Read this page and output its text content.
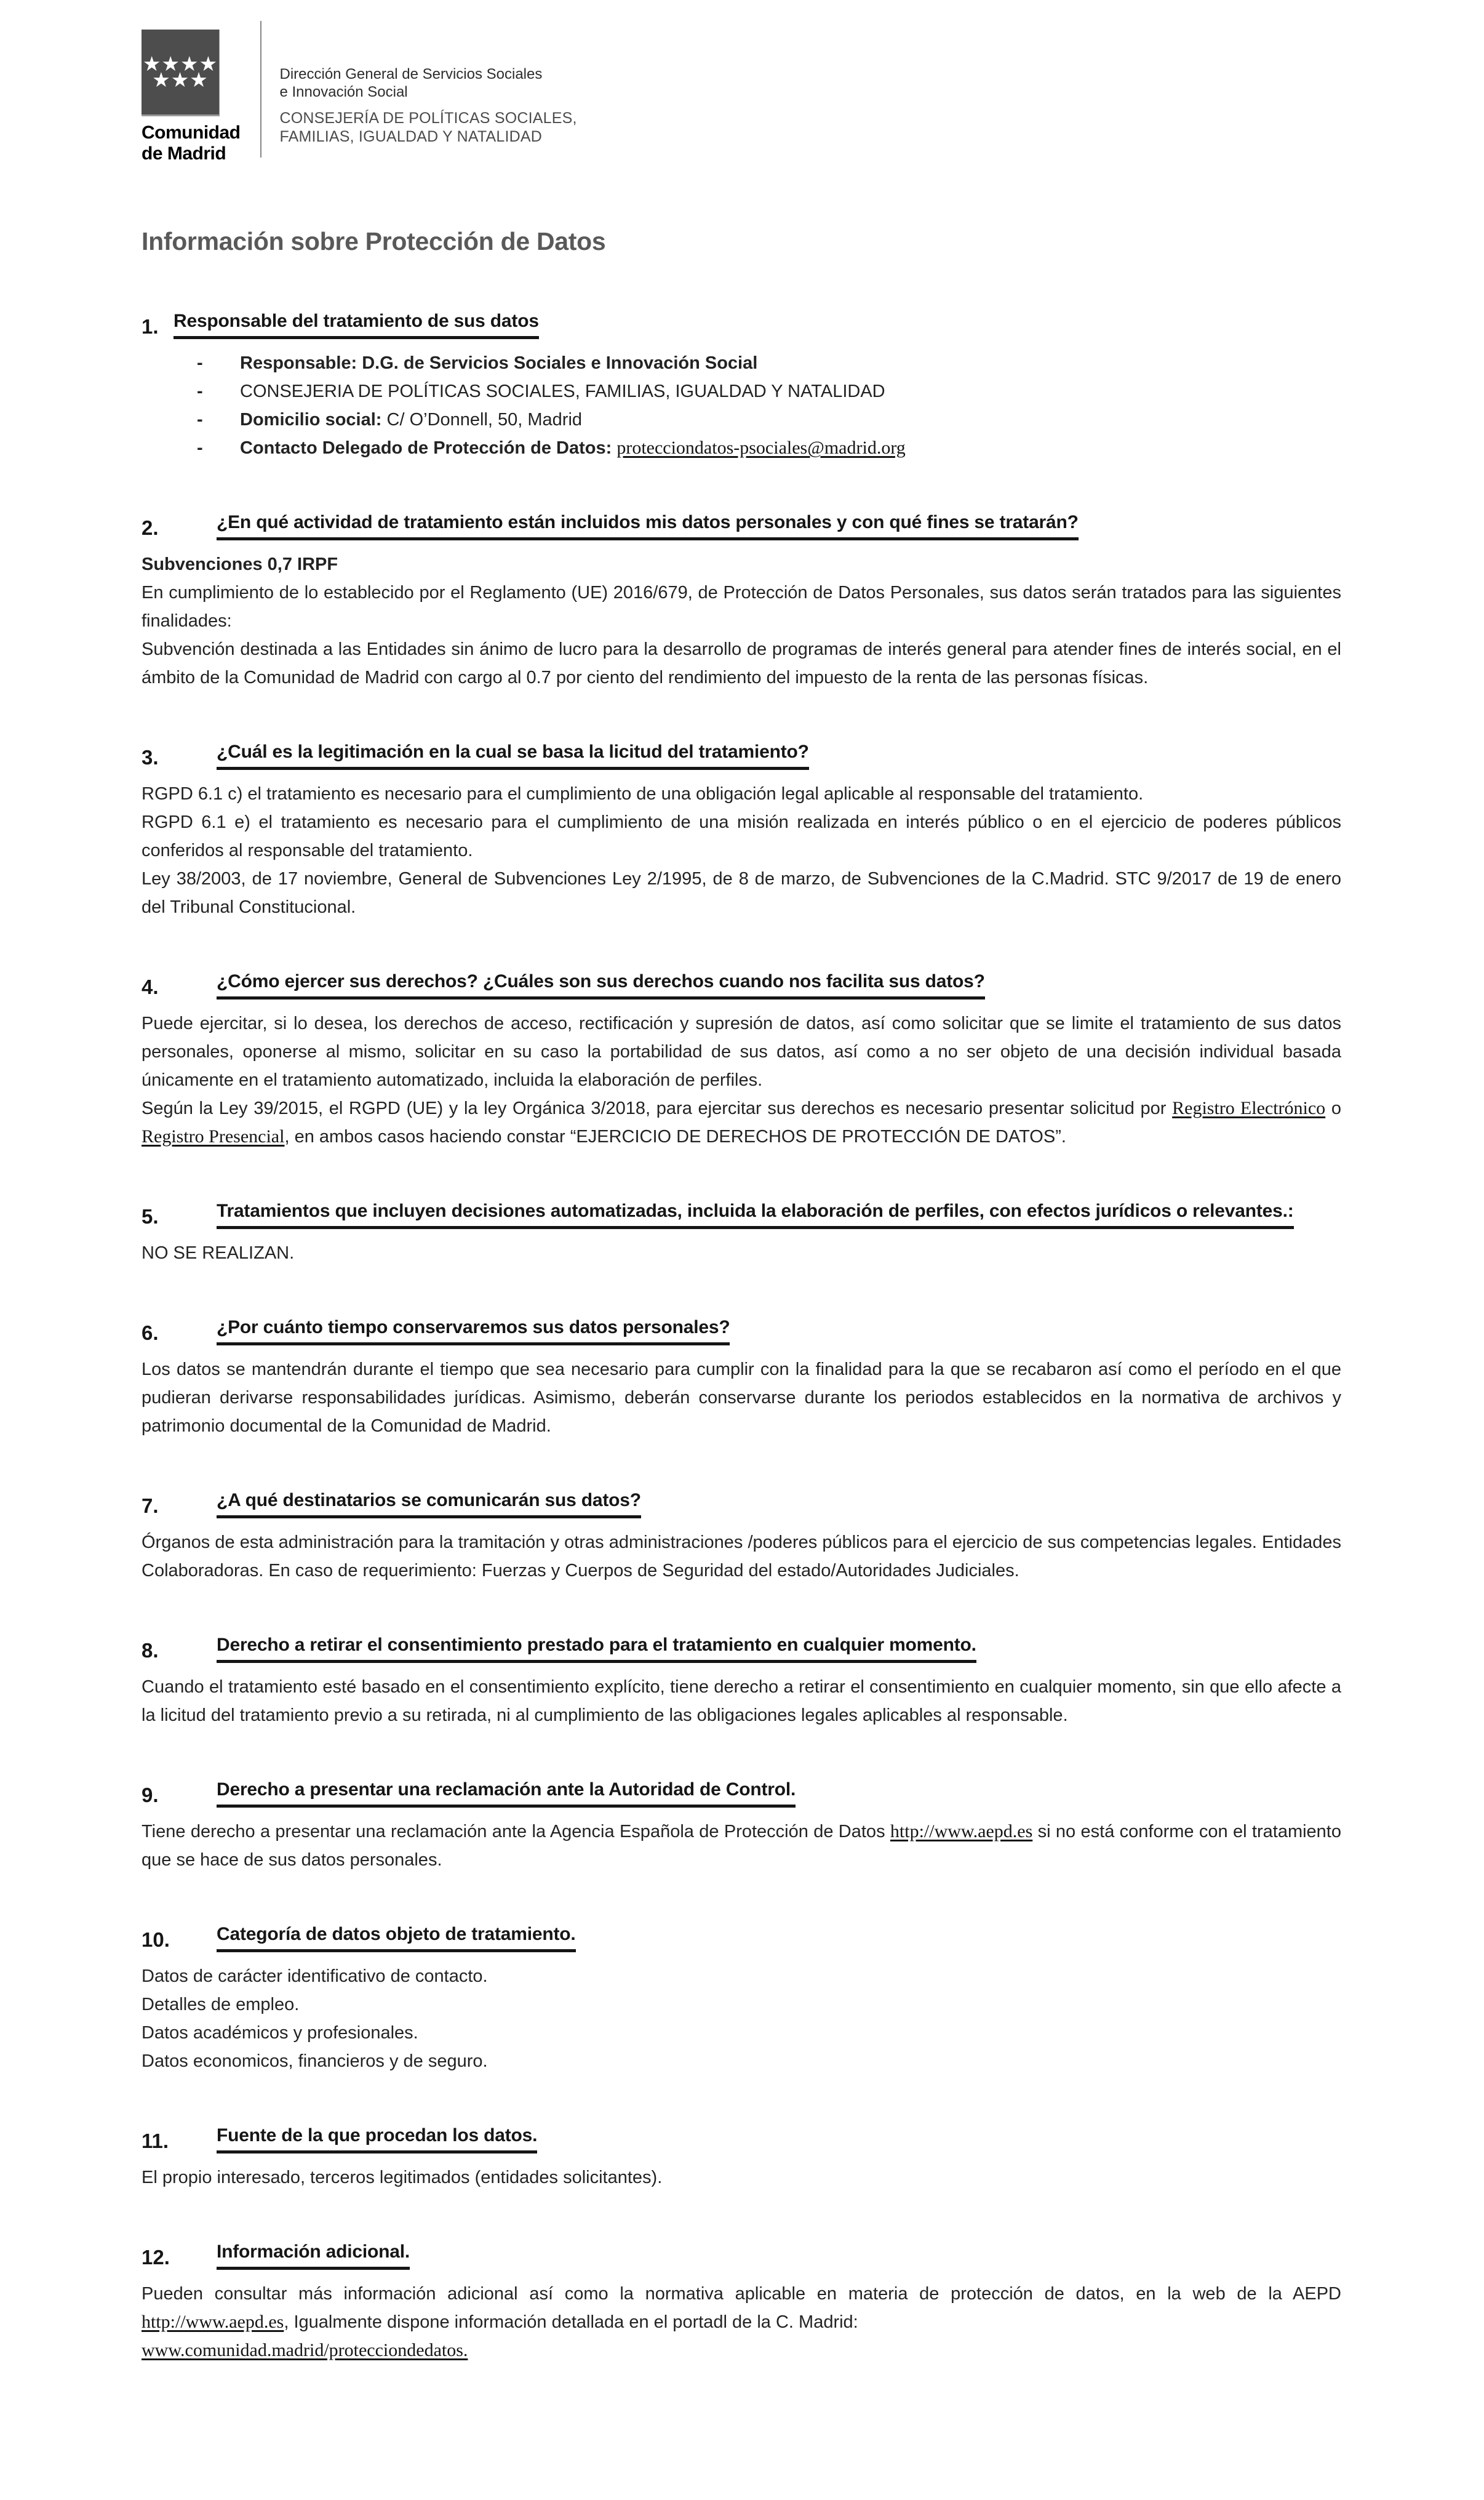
★★★★
★★★
Comunidad
de Madrid
Dirección General de Servicios Sociales
e Innovación Social
CONSEJERÍA DE POLÍTICAS SOCIALES,
FAMILIAS, IGUALDAD Y NATALIDAD
Información sobre Protección de Datos
1. Responsable del tratamiento de sus datos
-	Responsable: D.G. de Servicios Sociales e Innovación Social
-	CONSEJERIA DE POLÍTICAS SOCIALES, FAMILIAS, IGUALDAD Y NATALIDAD
-	Domicilio social: C/ O’Donnell, 50, Madrid
-	Contacto Delegado de Protección de Datos: protecciondatos-psociales@madrid.org
2.	¿En qué actividad de tratamiento están incluidos mis datos personales y con qué fines se tratarán?
Subvenciones 0,7 IRPF

En cumplimiento de lo establecido por el Reglamento (UE) 2016/679, de Protección de Datos Personales, sus datos serán tratados para las siguientes finalidades:

Subvención destinada a las Entidades sin ánimo de lucro para la desarrollo de programas de interés general para atender fines de interés social, en el ámbito de la Comunidad de Madrid con cargo al 0.7 por ciento del rendimiento del impuesto de la renta de las personas físicas.

3.	¿Cuál es la legitimación en la cual se basa la licitud del tratamiento?

RGPD 6.1 c) el tratamiento es necesario para el cumplimiento de una obligación legal aplicable al responsable del tratamiento.

RGPD 6.1 e) el tratamiento es necesario para el cumplimiento de una misión realizada en interés público o en el ejercicio de poderes públicos conferidos al responsable del tratamiento.

Ley 38/2003, de 17 noviembre, General de Subvenciones Ley 2/1995, de 8 de marzo, de Subvenciones de la C.Madrid. STC 9/2017 de 19 de enero del Tribunal Constitucional.

4.	¿Cómo ejercer sus derechos? ¿Cuáles son sus derechos cuando nos facilita sus datos?

Puede ejercitar, si lo desea, los derechos de acceso, rectificación y supresión de datos, así como solicitar que se limite el tratamiento de sus datos personales, oponerse al mismo, solicitar en su caso la portabilidad de sus datos, así como a no ser objeto de una decisión individual basada únicamente en el tratamiento automatizado, incluida la elaboración de perfiles.

Según la Ley 39/2015, el RGPD (UE) y la ley Orgánica 3/2018, para ejercitar sus derechos es necesario presentar solicitud por Registro Electrónico o Registro Presencial, en ambos casos haciendo constar “EJERCICIO DE DERECHOS DE PROTECCIÓN DE DATOS”.

5.	Tratamientos que incluyen decisiones automatizadas, incluida la elaboración de perfiles, con efectos jurídicos o relevantes.:

NO SE REALIZAN.

6.	¿Por cuánto tiempo conservaremos sus datos personales?

Los datos se mantendrán durante el tiempo que sea necesario para cumplir con la finalidad para la que se recabaron así como el período en el que pudieran derivarse responsabilidades jurídicas. Asimismo, deberán conservarse durante los periodos establecidos en la normativa de archivos y patrimonio documental de la Comunidad de Madrid.

7.	¿A qué destinatarios se comunicarán sus datos?

Órganos de esta administración para la tramitación y otras administraciones /poderes públicos para el ejercicio de sus competencias legales. Entidades Colaboradoras. En caso de requerimiento: Fuerzas y Cuerpos de Seguridad del estado/Autoridades Judiciales.

8.	Derecho a retirar el consentimiento prestado para el tratamiento en cualquier momento.

Cuando el tratamiento esté basado en el consentimiento explícito, tiene derecho a retirar el consentimiento en cualquier momento, sin que ello afecte a la licitud del tratamiento previo a su retirada, ni al cumplimiento de las obligaciones legales aplicables al responsable.

9.	Derecho a presentar una reclamación ante la Autoridad de Control.

Tiene derecho a presentar una reclamación ante la Agencia Española de Protección de Datos http://www.aepd.es si no está conforme con el tratamiento que se hace de sus datos personales.

10.	Categoría de datos objeto de tratamiento.

Datos de carácter identificativo de contacto.

Detalles de empleo.

Datos académicos y profesionales.

Datos economicos, financieros y de seguro.

11.	Fuente de la que procedan los datos.

El propio interesado, terceros legitimados (entidades solicitantes).

12.	Información adicional.

Pueden consultar más información adicional así como la normativa aplicable en materia de protección de datos, en la web de la AEPD http://www.aepd.es, Igualmente dispone información detallada en el portadl de la C. Madrid:

www.comunidad.madrid/protecciondedatos.
